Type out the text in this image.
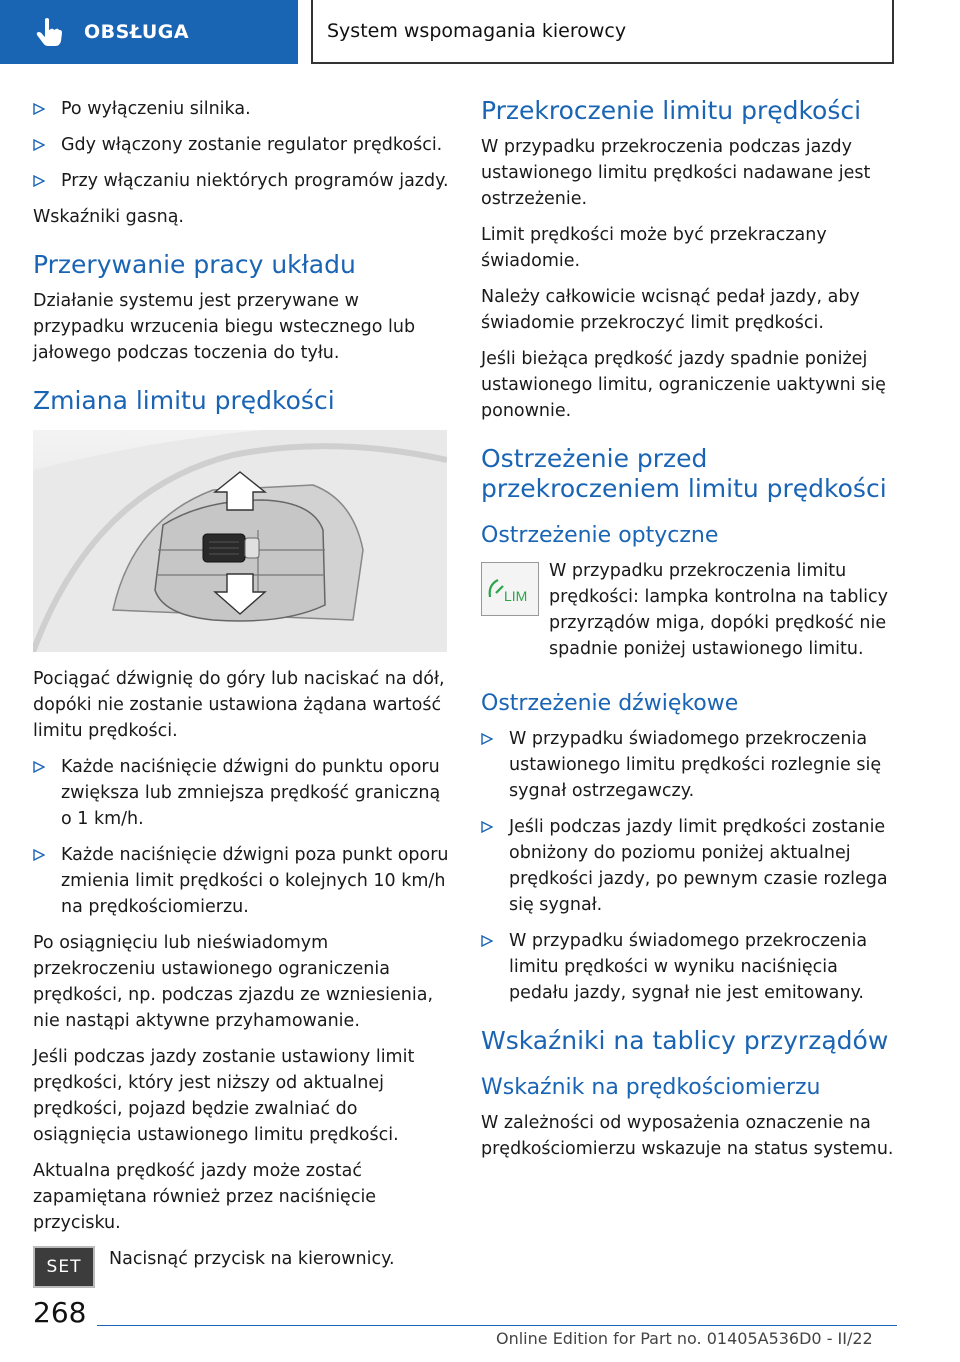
OBSŁUGA	System wspomagania kierowcy
Po wyłączeniu silnika.
Gdy włączony zostanie regulator prędkości.
Przy włączaniu niektórych programów jazdy.

Wskaźniki gasną.

Przerywanie pracy układu

Działanie systemu jest przerywane w przypadku wrzucenia biegu wstecznego lub jałowego podczas toczenia do tyłu.

Zmiana limitu prędkości

Pociągać dźwignię do góry lub naciskać na dół, dopóki nie zostanie ustawiona żądana wartość limitu prędkości.

Każde naciśnięcie dźwigni do punktu oporu zwiększa lub zmniejsza prędkość graniczną o 1 km/h.
Każde naciśnięcie dźwigni poza punkt oporu zmienia limit prędkości o kolejnych 10 km/h na prędkościomierzu.

Po osiągnięciu lub nieświadomym przekroczeniu ustawionego ograniczenia prędkości, np. podczas zjazdu ze wzniesienia, nie nastąpi aktywne przyhamowanie.

Jeśli podczas jazdy zostanie ustawiony limit prędkości, który jest niższy od aktualnej prędkości, pojazd będzie zwalniać do osiągnięcia ustawionego limitu prędkości.

Aktualna prędkość jazdy może zostać zapamiętana również przez naciśnięcie przycisku.

SET	Nacisnąć przycisk na kierownicy.

Przekroczenie limitu prędkości

W przypadku przekroczenia podczas jazdy ustawionego limitu prędkości nadawane jest ostrzeżenie.

Limit prędkości może być przekraczany świadomie.

Należy całkowicie wcisnąć pedał jazdy, aby świadomie przekroczyć limit prędkości.

Jeśli bieżąca prędkość jazdy spadnie poniżej ustawionego limitu, ograniczenie uaktywni się ponownie.

Ostrzeżenie przed przekroczeniem limitu prędkości
Ostrzeżenie optyczne
LIM

W przypadku przekroczenia limitu prędkości: lampka kontrolna na tablicy przyrządów miga, dopóki prędkość nie spadnie poniżej ustawionego limitu.

Ostrzeżenie dźwiękowe
W przypadku świadomego przekroczenia ustawionego limitu prędkości rozlegnie się sygnał ostrzegawczy.
Jeśli podczas jazdy limit prędkości zostanie obniżony do poziomu poniżej aktualnej prędkości jazdy, po pewnym czasie rozlega się sygnał.
W przypadku świadomego przekroczenia limitu prędkości w wyniku naciśnięcia pedału jazdy, sygnał nie jest emitowany.
Wskaźniki na tablicy przyrządów
Wskaźnik na prędkościomierzu

W zależności od wyposażenia oznaczenie na prędkościomierzu wskazuje na status systemu.

268
Online Edition for Part no. 01405A536D0 - II/22
